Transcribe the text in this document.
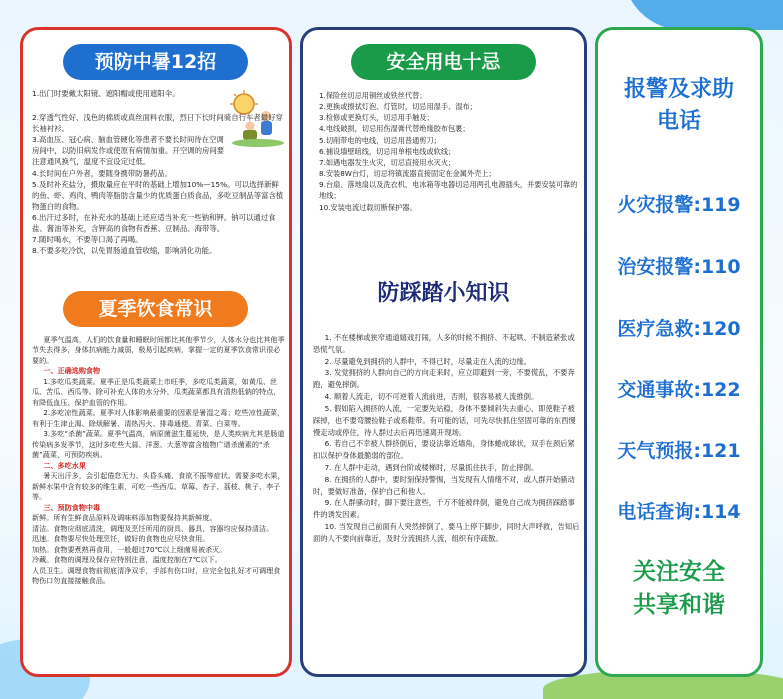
预防中暑12招

1.出门时要戴太阳镜、遮阳帽或使用遮阳伞。

2.穿透气性好、浅色的棉质或真丝面料衣服，烈日下长时间骑自行车者最好穿长袖衬衫。

3.高血压、冠心病、脑血管硬化等患者不要长时间待在空调房间中，以防旧病发作或使原有病情加重。开空调的房间要注意通风换气，温度不宜设定过低。

4.长时间在户外者，要随身携带防暑药品。

5.及时补充盐分，摄取量应在平时的基础上增加10%—15%。可以选择新鲜的鱼、虾、鸡肉、鸭肉等脂肪含量少的优质蛋白质食品，多吃豆制品等富含植物蛋白的食物。

6.出汗过多时，在补充水的基础上还应适当补充一些钠和钾。钠可以通过食盐、酱油等补充，含钾高的食物有香蕉、豆制品、海带等。

7.随时喝水，不要等口渴了再喝。

8.不要多吃冷饮，以免胃肠道血管收缩，影响消化功能。

夏季饮食常识

夏季气温高，人们的饮食量和睡眠时间都比其他季节少，人体水分也比其他季节失去得多，身体抗病能力减弱，极易引起疾病，掌握一定的夏季饮食常识很必要的。

一、正确选购食物

1.多吃瓜类蔬菜。夏季正是瓜类蔬菜上市旺季，多吃瓜类蔬菜，如黄瓜、丝瓜、苦瓜、西瓜等。除可补充人体的水分外，瓜类蔬菜都具有清热低钠的特点，有降低血压、保护血管的作用。

2.多吃凉性蔬菜。夏季对人体影响最重要的因素是暑湿之毒；吃些凉性蔬菜，有利于生津止渴、除烦解暑、清热泻火、排毒通便。青菜、白菜等。

3.多吃“杀菌”蔬菜。夏季气温高，病原菌滋生蔓延快，是人类疾病尤其是肠道传染病多发季节，这时多吃些大蒜、洋葱、大葱等富含植物广谱杀菌素的“杀菌”蔬菜，可预防疾病。

二、多吃水果

暑天出汗多，会引起倦怠无力、头昏头痛、食欲不振等症状。需要多吃水果，新鲜水果中含有较多的维生素，可吃一些西瓜、草莓、杏子、荔枝、桃子、李子等。

三、预防食物中毒

新鲜。所有生鲜食品原料及调味料添加物要保持其新鲜度。

清洁。食物应彻底清洗，调理及烹饪所用的厨具、器具、容器均应保持清洁。

迅速。食物要尽快处理烹饪，做好的食物也应尽快食用。

加热。食物要煮熟再食用，一般超过70℃以上细菌易被杀灭。

冷藏。食物的调理及保存应特别注意，温度控制在7℃以下。

人员卫生。调理食物前彻底清净双手，手部有伤口时，应完全包扎好才可调理食物伤口勿直接接触食品。

安全用电十忌

1.保险丝切忌用铜丝或铁丝代替；

2.更换或擦拭灯泡、灯管时，切忌用湿手、湿布；

3.检修或更换灯头，切忌用手触及；

4.电线破损，切忌用伤湿膏代替绝缘胶布包裹；

5.切削带电的电线，切忌用普通剪刀；

6.捕设墙壁暗线，切忌用单根电线或软线；

7.如遇电器发生火灾，切忌直接用水灭火；

8.安装8W台灯，切忌将镇流器直接固定在金属外壳上；

9.台扇、落地扇以及洗衣机、电冰箱等电器切忌用两孔电源插头，并要安装可靠的地线；

10.安装电流过载切断保护器。

防踩踏小知识

1. 不在楼梯或狭窄通道嬉戏打闹，人多的时候不拥挤、不起哄、不制造紧张或恐慌气氛。

2. 尽量避免到拥挤的人群中，不得已时，尽量走在人流的边缘。

3. 发觉拥挤的人群向自己的方向走来时，应立即避到一旁，不要慌乱，不要奔跑，避免摔倒。

4. 顺着人流走，切不可逆着人流前进，否则，很容易被人流推倒。

5. 假如陷入拥挤的人流，一定要先站稳，身体不要倾斜失去重心，即使鞋子被踩掉，也不要弯腰捡鞋子或系鞋带。有可能的话，可先尽快抓住坚固可靠的东西慢慢走动或停住，待人群过去后再迅速离开现场。

6. 若自己不幸被人群挤倒后，要设法靠近墙角，身体蜷成球状，双手在颈后紧扣以保护身体最脆弱的部位。

7. 在人群中走动，遇到台阶或楼梯时，尽量抓住扶手，防止摔倒。

8. 在拥挤的人群中，要时刻保持警惕，当发现有人情绪不对，或人群开始骚动时，要做好准备，保护自己和他人。

9. 在人群骚动时，脚下要注意些，千万不能被绊倒，避免自己成为拥挤踩踏事件的诱发因素。

10. 当发现自己前面有人突然摔倒了，要马上停下脚步，同时大声呼救，告知后面的人不要向前靠近，及时分流拥挤人流，组织有序疏散。

报警及求助
电话
火灾报警:119
治安报警:110
医疗急救:120
交通事故:122
天气预报:121
电话查询:114
关注安全
共享和谐
